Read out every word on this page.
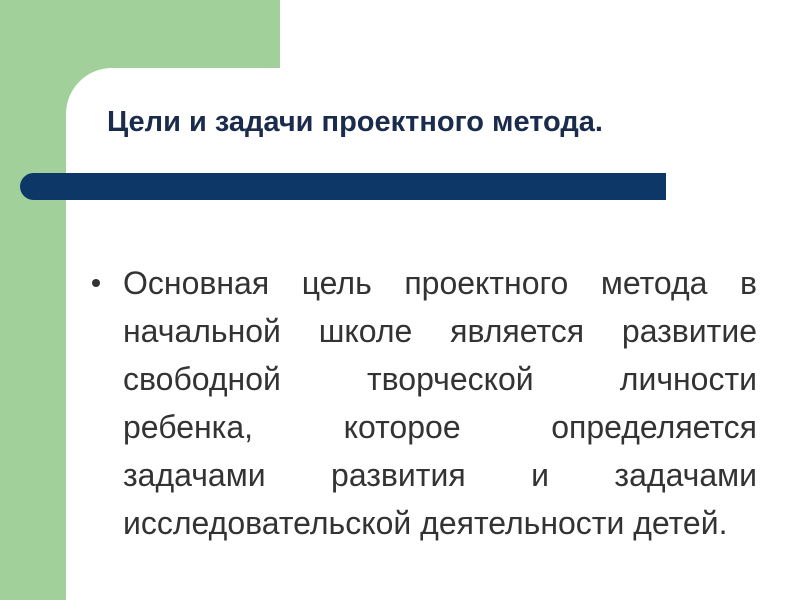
Цели и задачи проектного метода.
Основная цель проектного метода в
начальной школе является развитие
свободной творческой личности
ребенка, которое определяется
задачами развития и задачами
исследовательской деятельности детей.
